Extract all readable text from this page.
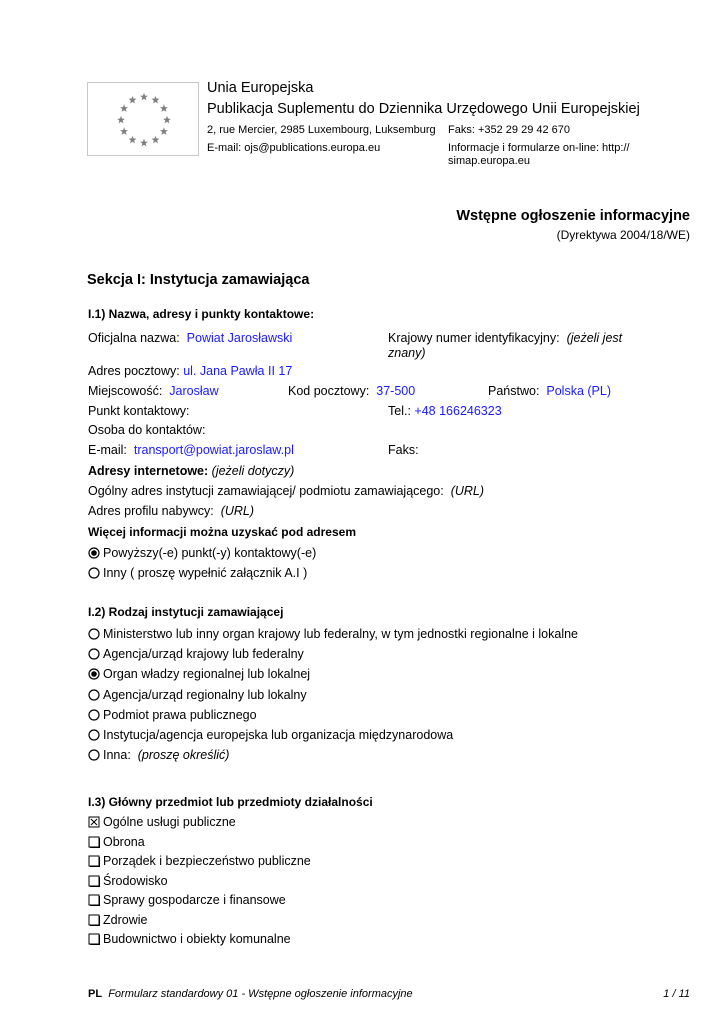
Unia Europejska
Publikacja Suplementu do Dziennika Urzędowego Unii Europejskiej
2, rue Mercier, 2985 Luxembourg, Luksemburg Faks: +352 29 29 42 670
E-mail: ojs@publications.europa.eu	Informacje i formularze on-line: http://
simap.europa.eu
Wstępne ogłoszenie informacyjne
(Dyrektywa 2004/18/WE)
Sekcja I: Instytucja zamawiająca
I.1) Nazwa, adresy i punkty kontaktowe:
Oficjalna nazwa: Powiat Jarosławski	Krajowy numer identyfikacyjny: (jeżeli jest
znany)
Adres pocztowy: ul. Jana Pawła II 17
Miejscowość: Jarosław	Kod pocztowy: 37-500	Państwo: Polska (PL)
Punkt kontaktowy:	Tel.: +48 166246323
Osoba do kontaktów:
E-mail: transport@powiat.jaroslaw.pl	Faks:
Adresy internetowe: (jeżeli dotyczy)
Ogólny adres instytucji zamawiającej/ podmiotu zamawiającego: (URL)
Adres profilu nabywcy: (URL)
Więcej informacji można uzyskać pod adresem
Powyższy(-e) punkt(-y) kontaktowy(-e)
Inny ( proszę wypełnić załącznik A.I )
I.2) Rodzaj instytucji zamawiającej
Ministerstwo lub inny organ krajowy lub federalny, w tym jednostki regionalne i lokalne
Agencja/urząd krajowy lub federalny
Organ władzy regionalnej lub lokalnej
Agencja/urząd regionalny lub lokalny
Podmiot prawa publicznego
Instytucja/agencja europejska lub organizacja międzynarodowa
Inna:  (proszę określić)
I.3) Główny przedmiot lub przedmioty działalności
Ogólne usługi publiczne
Obrona
Porządek i bezpieczeństwo publiczne
Środowisko
Sprawy gospodarcze i finansowe
Zdrowie
Budownictwo i obiekty komunalne
PL Formularz standardowy 01 - Wstępne ogłoszenie informacyjne	1 / 11
